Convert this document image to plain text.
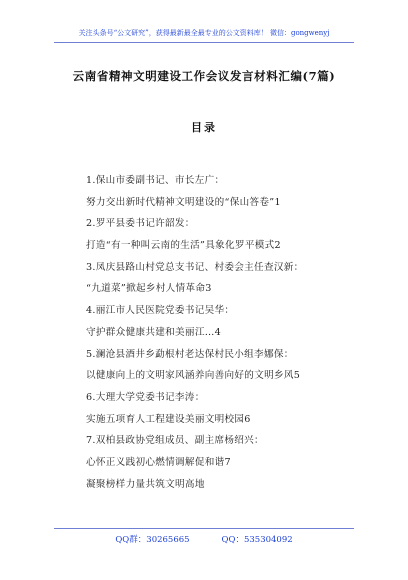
关注头条号“公文研究”，获得最新最全最专业的公文资料库！ 微信：gongwenyj
云南省精神文明建设工作会议发言材料汇编(7篇)
目录
1.保山市委副书记、市长左广：
努力交出新时代精神文明建设的“保山答卷”1
2.罗平县委书记许韶发：
打造“有一种叫云南的生活”具象化罗平模式2
3.凤庆县路山村党总支书记、村委会主任查汉新：
“九道菜”掀起乡村人情革命3
4.丽江市人民医院党委书记吴华：
守护群众健康共建和美丽江…4
5.澜沧县酒井乡勐根村老达保村民小组李娜保：
以健康向上的文明家风涵养向善向好的文明乡风5
6.大理大学党委书记李涛：
实施五项育人工程建设美丽文明校园6
7.双柏县政协党组成员、副主席杨绍兴：
心怀正义践初心燃情调解促和谐7
凝聚榜样力量共筑文明高地
QQ群：30265665	QQ：535304092
